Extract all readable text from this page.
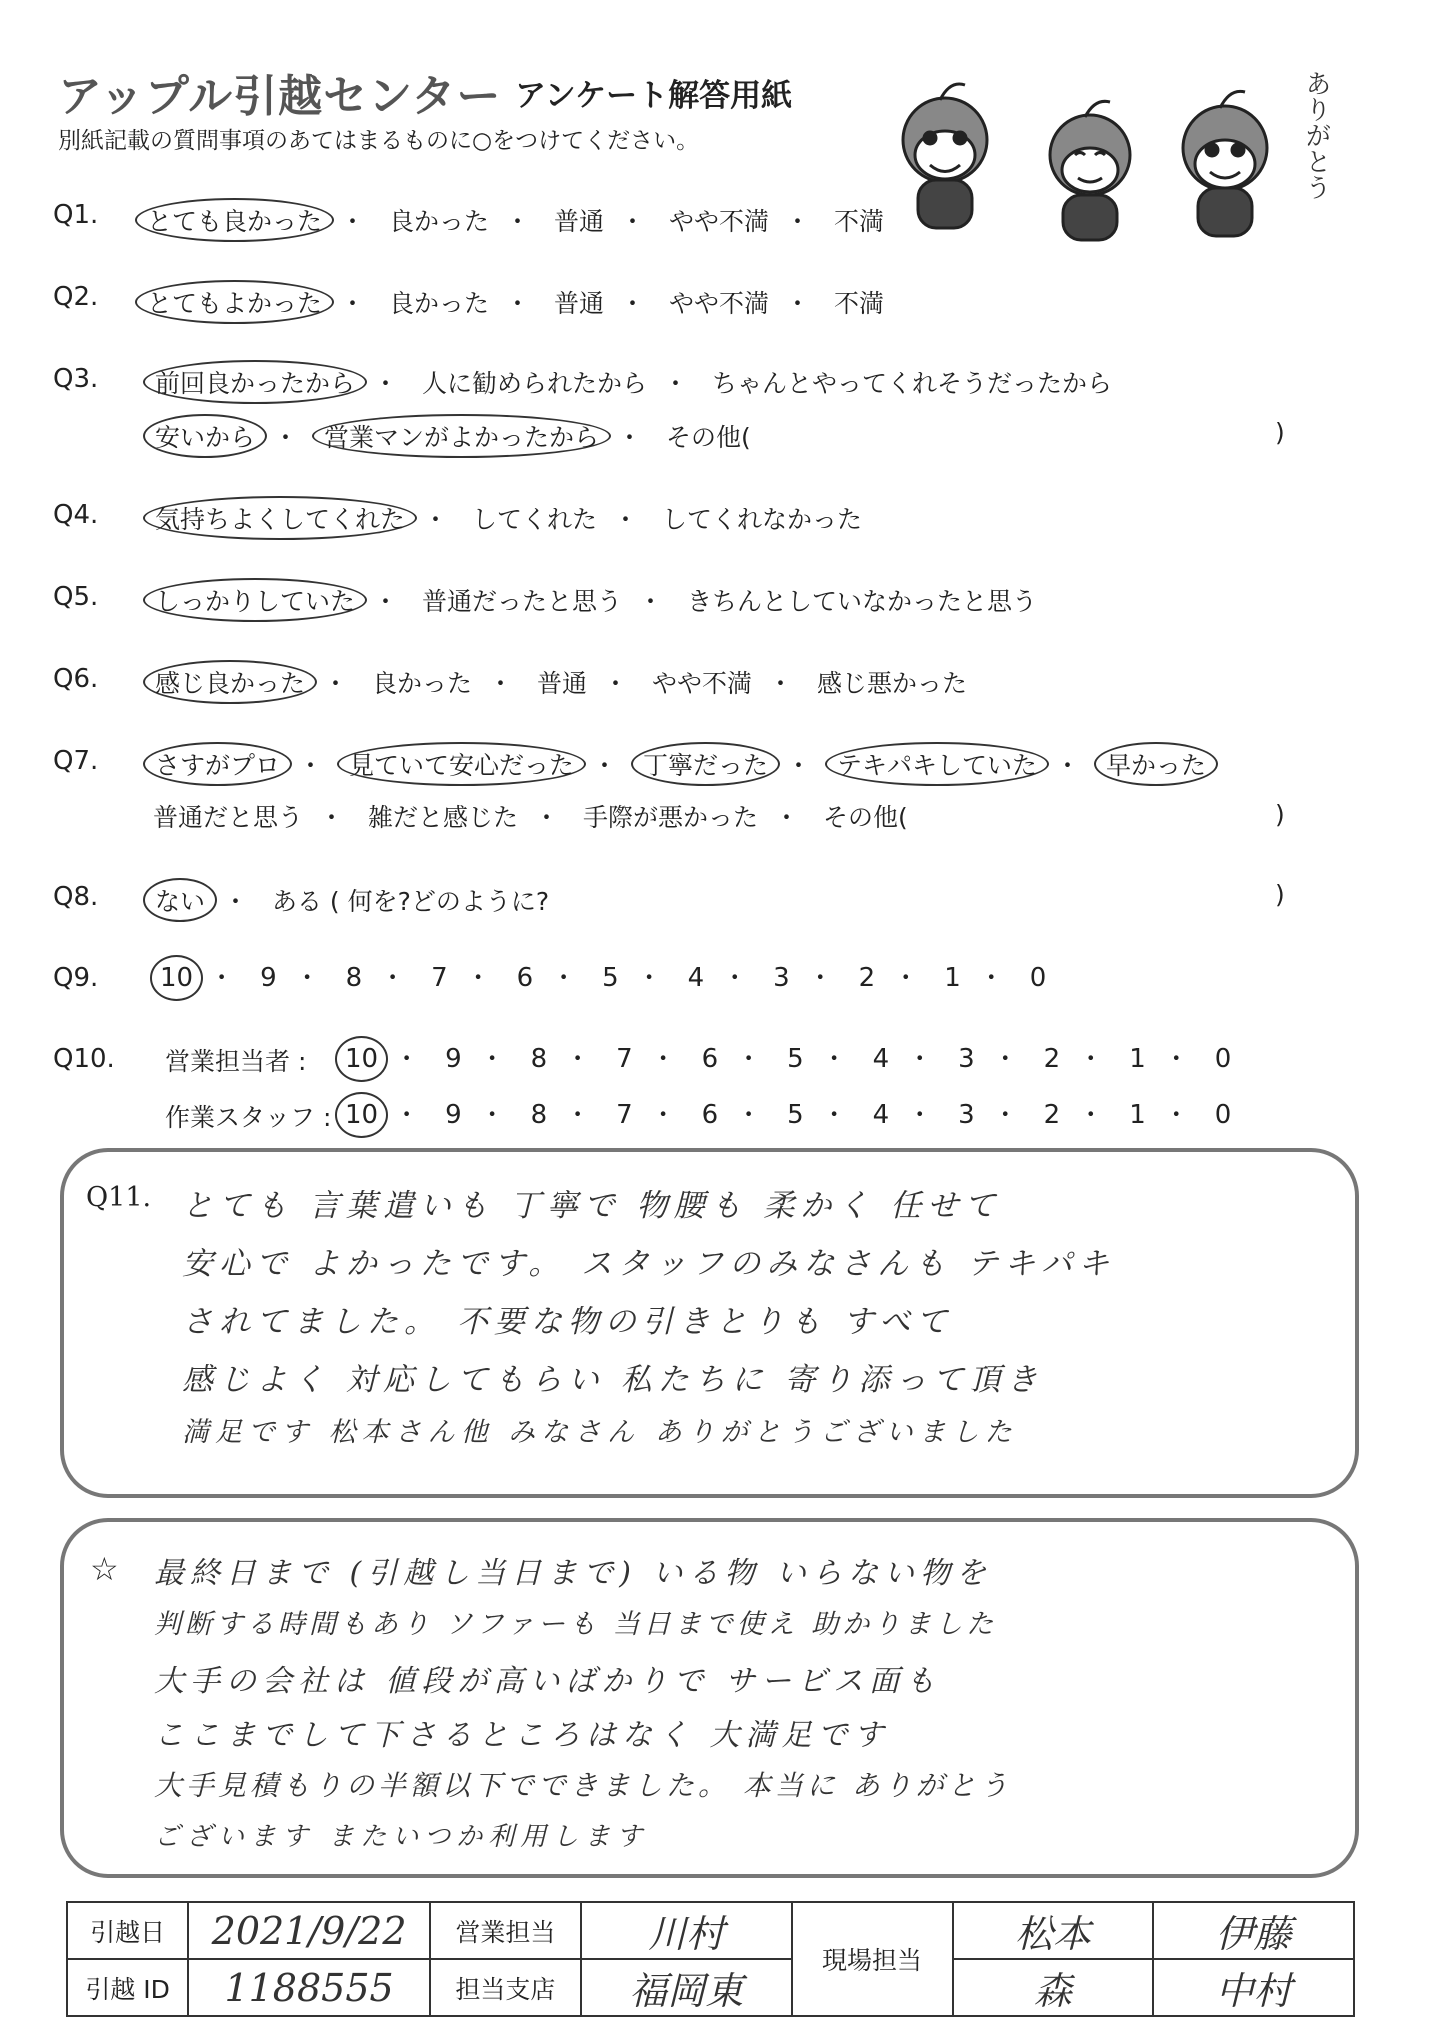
アップル引越センター アンケート解答用紙
別紙記載の質問事項のあてはまるものに○をつけてください。	ありがとう
Q1.	とても良かった ・ 良かった ・ 普通 ・ やや不満 ・ 不満
Q2.	とてもよかった ・ 良かった ・ 普通 ・ やや不満 ・ 不満
Q3.	前回良かったから ・ 人に勧められたから ・ ちゃんとやってくれそうだったから
安いから ・ 営業マンがよかったから ・ その他(	)
Q4.	気持ちよくしてくれた ・ してくれた ・ してくれなかった
Q5.	しっかりしていた ・ 普通だったと思う ・ きちんとしていなかったと思う
Q6.	感じ良かった ・ 良かった ・ 普通 ・ やや不満 ・ 感じ悪かった
Q7.	さすがプロ ・ 見ていて安心だった ・ 丁寧だった ・ テキパキしていた ・ 早かった
普通だと思う ・ 雑だと感じた ・ 手際が悪かった ・ その他(	)
Q8.	ない ・ ある ( 何を?どのように?	)
Q9.	10 ・ 9 ・ 8 ・ 7 ・ 6 ・ 5 ・ 4 ・ 3 ・ 2 ・ 1 ・ 0
Q10. 営業担当者 :	10 ・ 9 ・ 8 ・ 7 ・ 6 ・ 5 ・ 4 ・ 3 ・ 2 ・ 1 ・ 0
作業スタッフ : 10 ・ 9 ・ 8 ・ 7 ・ 6 ・ 5 ・ 4 ・ 3 ・ 2 ・ 1 ・ 0
Q11. とても 言葉遣いも 丁寧で 物腰も 柔かく 任せて
安心で よかったです。 スタッフのみなさんも テキパキ
されてました。 不要な物の引きとりも すべて
感じよく 対応してもらい 私たちに 寄り添って頂き
満足です 松本さん他 みなさん ありがとうございました
☆ 最終日まで (引越し当日まで) いる物 いらない物を
判断する時間もあり ソファーも 当日まで使え 助かりました
大手の会社は 値段が高いばかりで サービス面も
ここまでして下さるところはなく 大満足です
大手見積もりの半額以下でできました。 本当に ありがとう
ございます またいつか利用します
引越日	2021/9/22	営業担当	川村	現場担当	松本	伊藤
引越 ID	1188555	担当支店	福岡東		森	中村
